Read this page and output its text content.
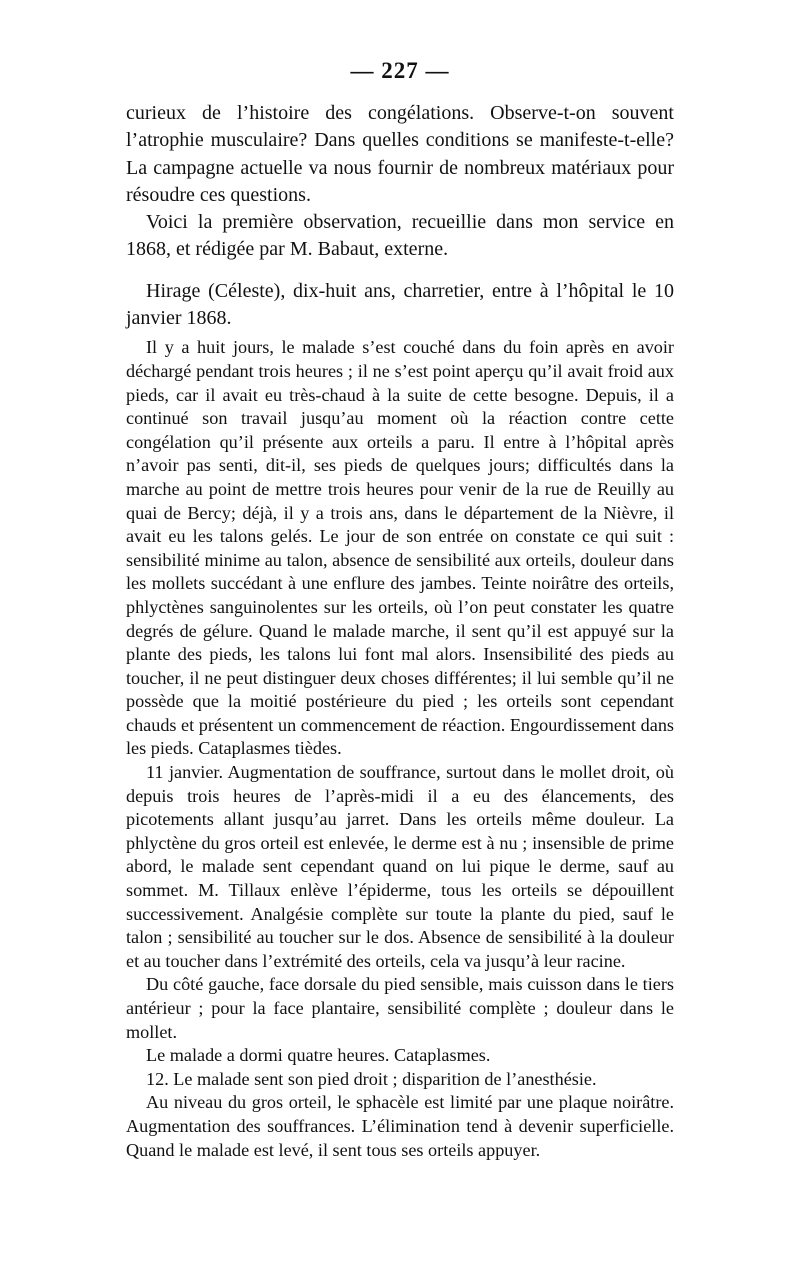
— 227 —

curieux de l’histoire des congélations. Observe-t-on souvent l’atrophie musculaire? Dans quelles conditions se manifeste-t-elle? La campagne actuelle va nous fournir de nombreux matériaux pour résoudre ces questions.

Voici la première observation, recueillie dans mon service en 1868, et rédigée par M. Babaut, externe.

Hirage (Céleste), dix-huit ans, charretier, entre à l’hôpital le 10 janvier 1868.

Il y a huit jours, le malade s’est couché dans du foin après en avoir déchargé pendant trois heures ; il ne s’est point aperçu qu’il avait froid aux pieds, car il avait eu très-chaud à la suite de cette besogne. Depuis, il a continué son travail jusqu’au moment où la réaction contre cette congélation qu’il présente aux orteils a paru. Il entre à l’hôpital après n’avoir pas senti, dit-il, ses pieds de quelques jours; difficultés dans la marche au point de mettre trois heures pour venir de la rue de Reuilly au quai de Bercy; déjà, il y a trois ans, dans le département de la Nièvre, il avait eu les talons gelés. Le jour de son entrée on constate ce qui suit : sensibilité minime au talon, absence de sensibilité aux orteils, douleur dans les mollets succédant à une enflure des jambes. Teinte noirâtre des orteils, phlyctènes sanguinolentes sur les orteils, où l’on peut constater les quatre degrés de gélure. Quand le malade marche, il sent qu’il est appuyé sur la plante des pieds, les talons lui font mal alors. Insensibilité des pieds au toucher, il ne peut distinguer deux choses différentes; il lui semble qu’il ne possède que la moitié postérieure du pied ; les orteils sont cependant chauds et présentent un commencement de réaction. Engourdissement dans les pieds. Cataplasmes tièdes.

11 janvier. Augmentation de souffrance, surtout dans le mollet droit, où depuis trois heures de l’après-midi il a eu des élancements, des picotements allant jusqu’au jarret. Dans les orteils même douleur. La phlyctène du gros orteil est enlevée, le derme est à nu ; insensible de prime abord, le malade sent cependant quand on lui pique le derme, sauf au sommet. M. Tillaux enlève l’épiderme, tous les orteils se dépouillent successivement. Analgésie complète sur toute la plante du pied, sauf le talon ; sensibilité au toucher sur le dos. Absence de sensibilité à la douleur et au toucher dans l’extrémité des orteils, cela va jusqu’à leur racine.

Du côté gauche, face dorsale du pied sensible, mais cuisson dans le tiers antérieur ; pour la face plantaire, sensibilité complète ; douleur dans le mollet.

Le malade a dormi quatre heures. Cataplasmes.

12. Le malade sent son pied droit ; disparition de l’anesthésie.

Au niveau du gros orteil, le sphacèle est limité par une plaque noirâtre. Augmentation des souffrances. L’élimination tend à devenir superficielle. Quand le malade est levé, il sent tous ses orteils appuyer.
